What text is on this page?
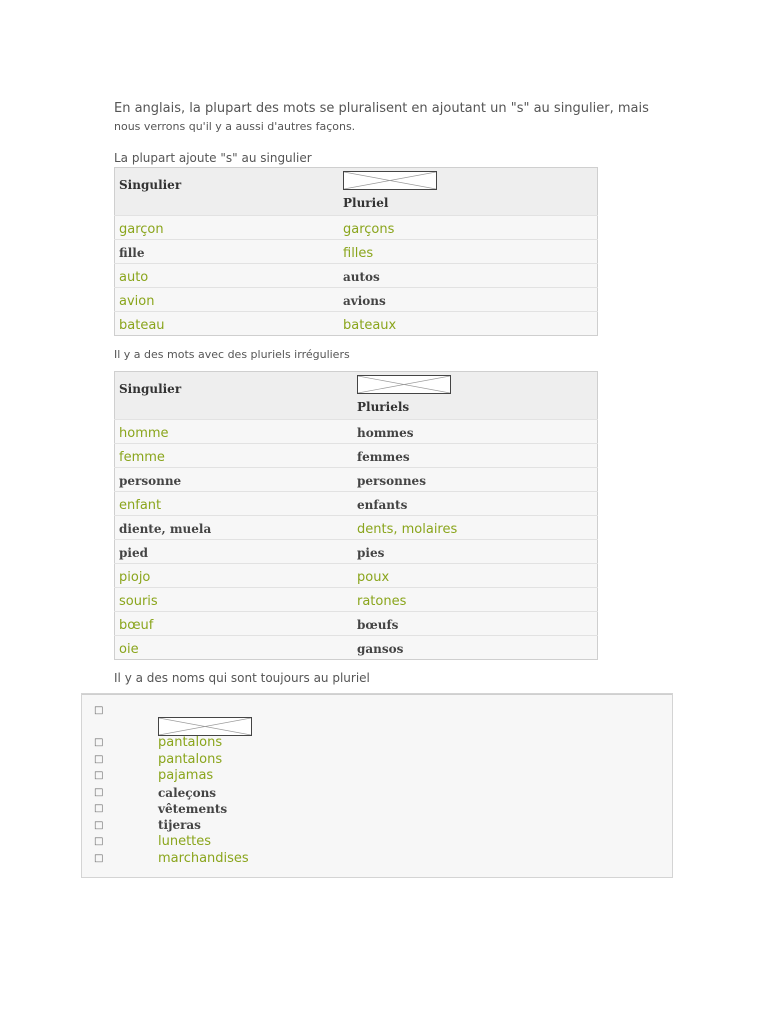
En anglais, la plupart des mots se pluralisent en ajoutant un "s" au singulier, mais
nous verrons qu'il y a aussi d'autres façons.
La plupart ajoute "s" au singulier
Singulier	Pluriel
garçon	garçons
fille	filles
auto	autos
avion	avions
bateau	bateaux
Il y a des mots avec des pluriels irréguliers
Singulier	Pluriels
homme	hommes
femme	femmes
personne	personnes
enfant	enfants
diente, muela	dents, molaires
pied	pies
piojo	poux
souris	ratones
bœuf	bœufs
oie	gansos
Il y a des noms qui sont toujours au pluriel
□
□	pantalons
□	pantalons
□	pajamas
□	caleçons
□	vêtements
□	tijeras
□	lunettes
□	marchandises
